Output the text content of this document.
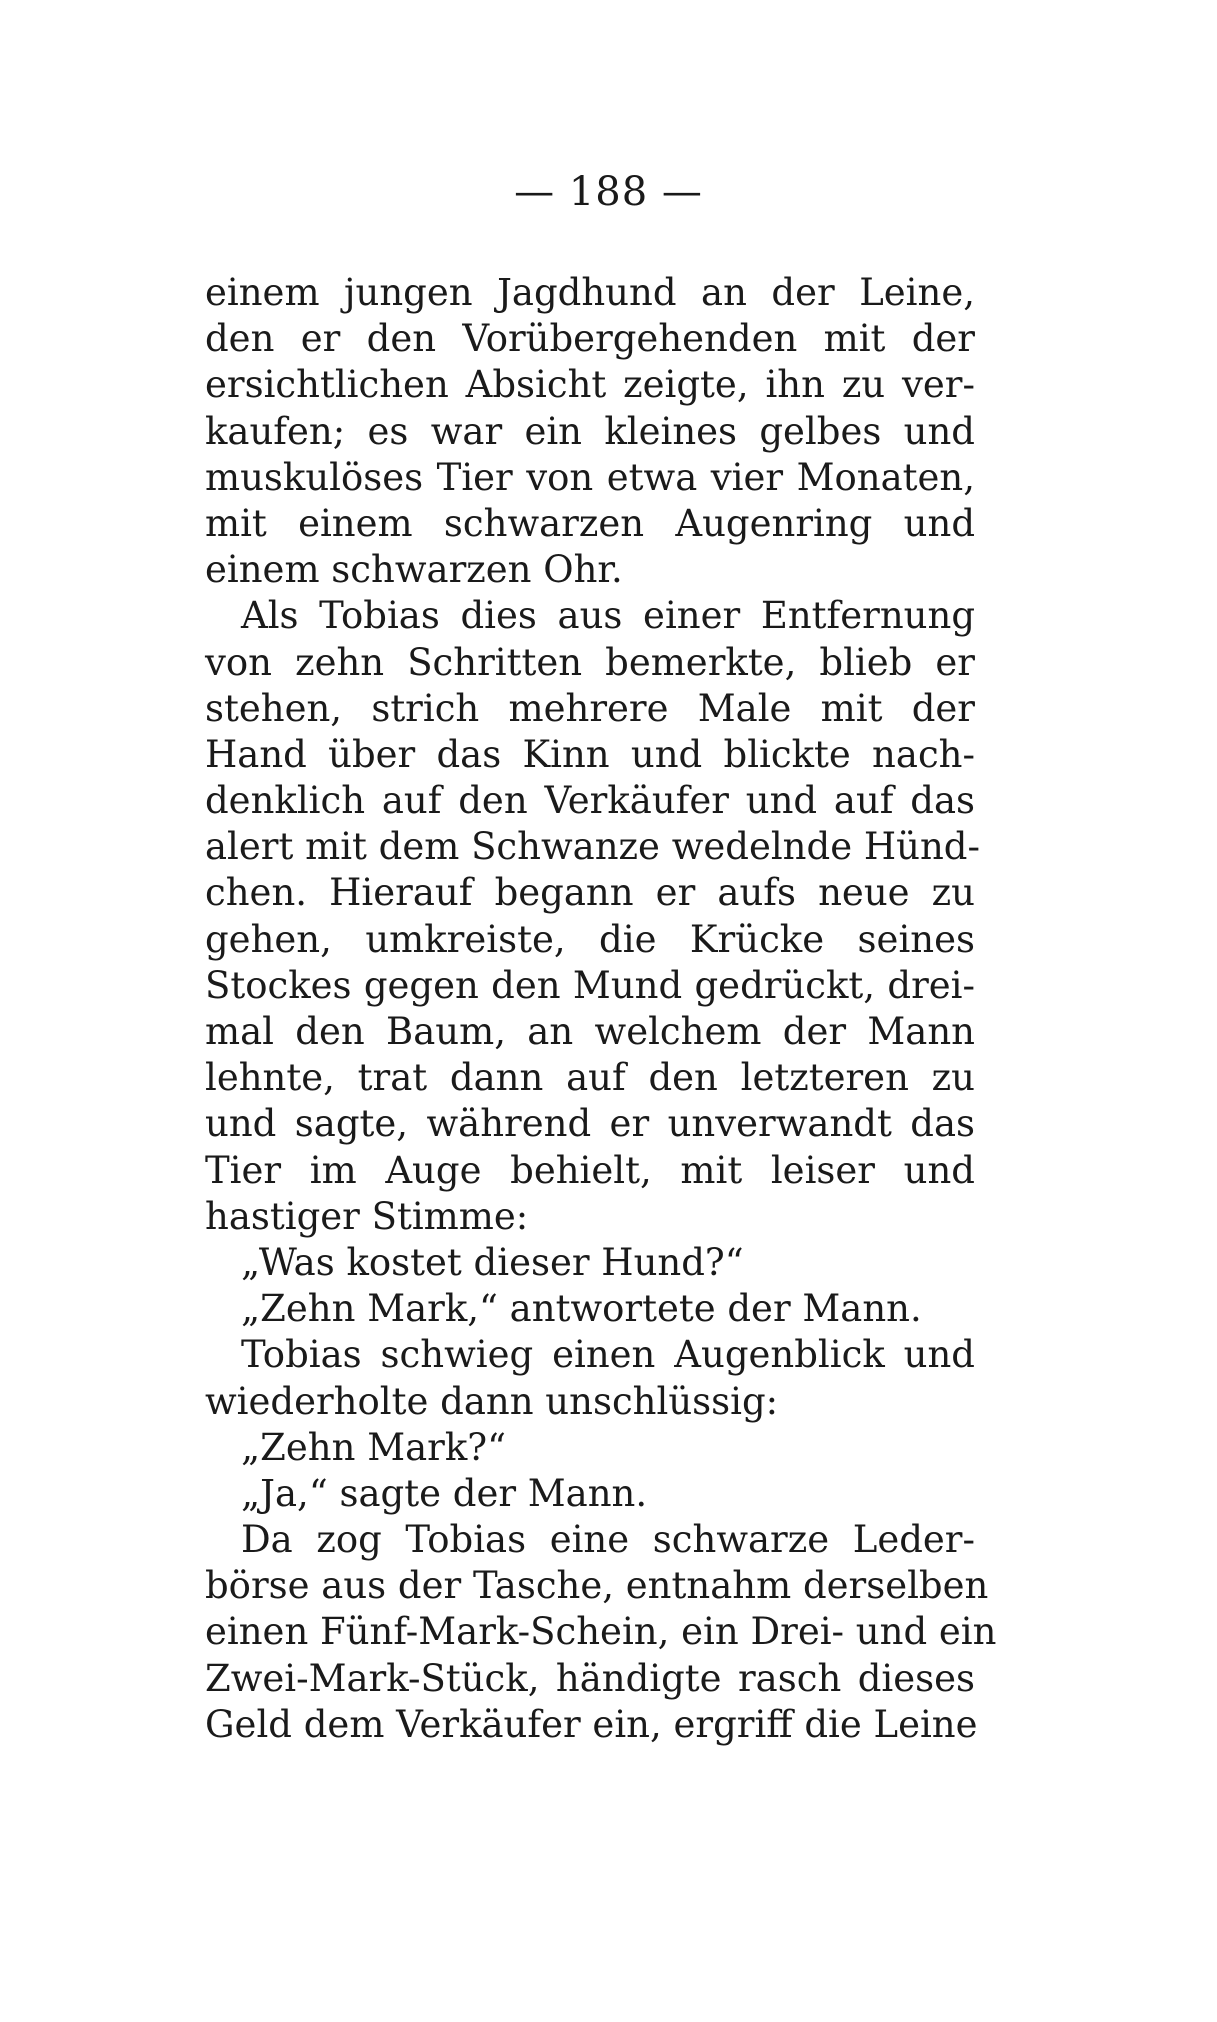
— 188 —
einem jungen Jagdhund an der Leine,
den er den Vorübergehenden mit der
ersichtlichen Absicht zeigte, ihn zu ver-
kaufen; es war ein kleines gelbes und
muskulöses Tier von etwa vier Monaten,
mit einem schwarzen Augenring und
einem schwarzen Ohr.
Als Tobias dies aus einer Entfernung
von zehn Schritten bemerkte, blieb er
stehen, strich mehrere Male mit der
Hand über das Kinn und blickte nach-
denklich auf den Verkäufer und auf das
alert mit dem Schwanze wedelnde Hünd-
chen. Hierauf begann er aufs neue zu
gehen, umkreiste, die Krücke seines
Stockes gegen den Mund gedrückt, drei-
mal den Baum, an welchem der Mann
lehnte, trat dann auf den letzteren zu
und sagte, während er unverwandt das
Tier im Auge behielt, mit leiser und
hastiger Stimme:
„Was kostet dieser Hund?“
„Zehn Mark,“ antwortete der Mann.
Tobias schwieg einen Augenblick und
wiederholte dann unschlüssig:
„Zehn Mark?“
„Ja,“ sagte der Mann.
Da zog Tobias eine schwarze Leder-
börse aus der Tasche, entnahm derselben
einen Fünf-Mark-Schein, ein Drei- und ein
Zwei-Mark-Stück, händigte rasch dieses
Geld dem Verkäufer ein, ergriff die Leine
